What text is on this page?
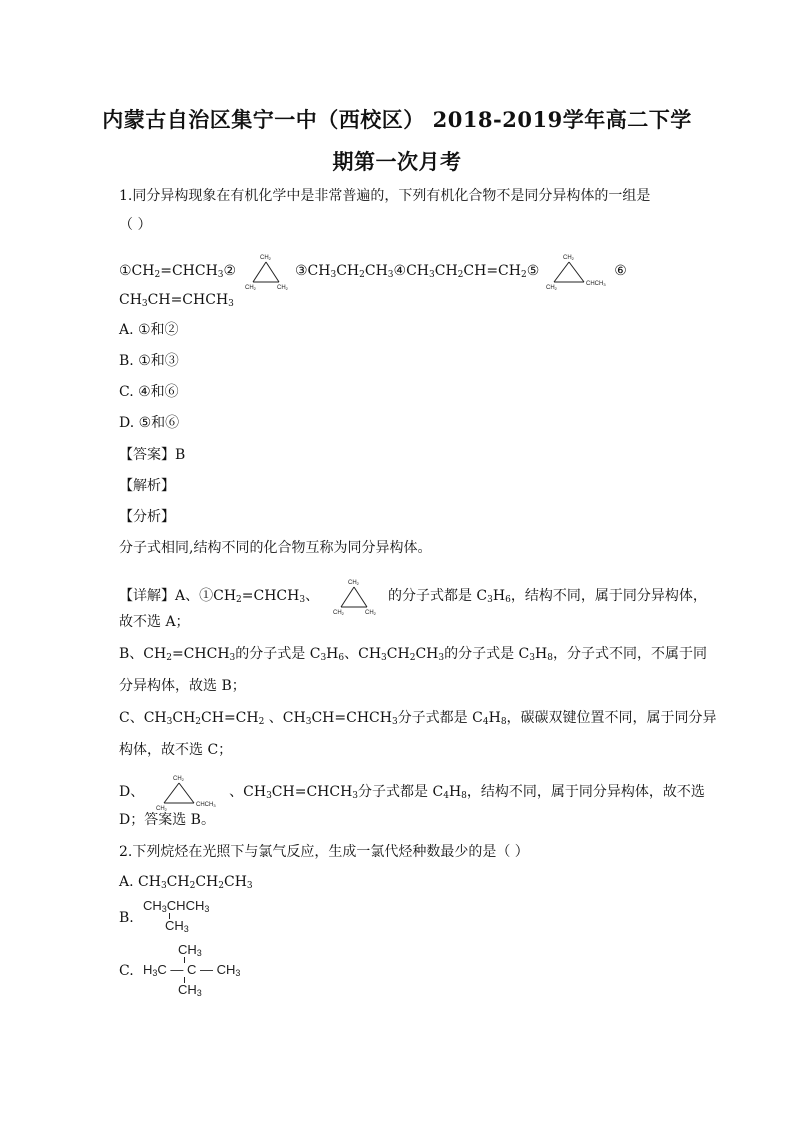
内蒙古自治区集宁一中（西校区） 2018-2019学年高二下学
期第一次月考
1.同分异构现象在有机化学中是非常普遍的，下列有机化合物不是同分异构体的一组是
（ ）
$①CH_2=CHCH_3②$
CH2
CH2	CH2
$③CH_3CH_2CH_3④CH_3CH_2CH=CH_2⑤$
CH2
CH2
CHCH3
⑥
$CH_3CH=CHCH_3$
A. ①和②
B. ①和③
C. ④和⑥
D. ⑤和⑥
【答案】B
【解析】
【分析】
分子式相同,结构不同的化合物互称为同分异构体。
【详解】A、$①CH_2=CHCH_3$、
CH2
CH2	CH2
的分子式都是 $C_3H_6$，结构不同，属于同分异构体，
故不选 A；
B、$CH_2=CHCH_3$的分子式是 $C_3H_6$、$CH_3CH_2CH_3$的分子式是 $C_3H_8$，分子式不同，不属于同
分异构体，故选 B；
C、$CH_3CH_2CH=CH_2$ 、$CH_3CH=CHCH_3$分子式都是 $C_4H_8$，碳碳双键位置不同，属于同分异
构体，故不选 C；
D、
CH2
CH2
CHCH3
、$CH_3CH=CHCH_3$分子式都是 $C_4H_8$，结构不同，属于同分异构体，故不选
D；答案选 B。
2.下列烷烃在光照下与氯气反应，生成一氯代烃种数最少的是（ ）
A. $CH_3CH_2CH_2CH_3$
B.
$CH_3CHCH_3$
$CH_3$
C.
$CH_3$
$H_3C$ — C — $CH_3$
$CH_3$
